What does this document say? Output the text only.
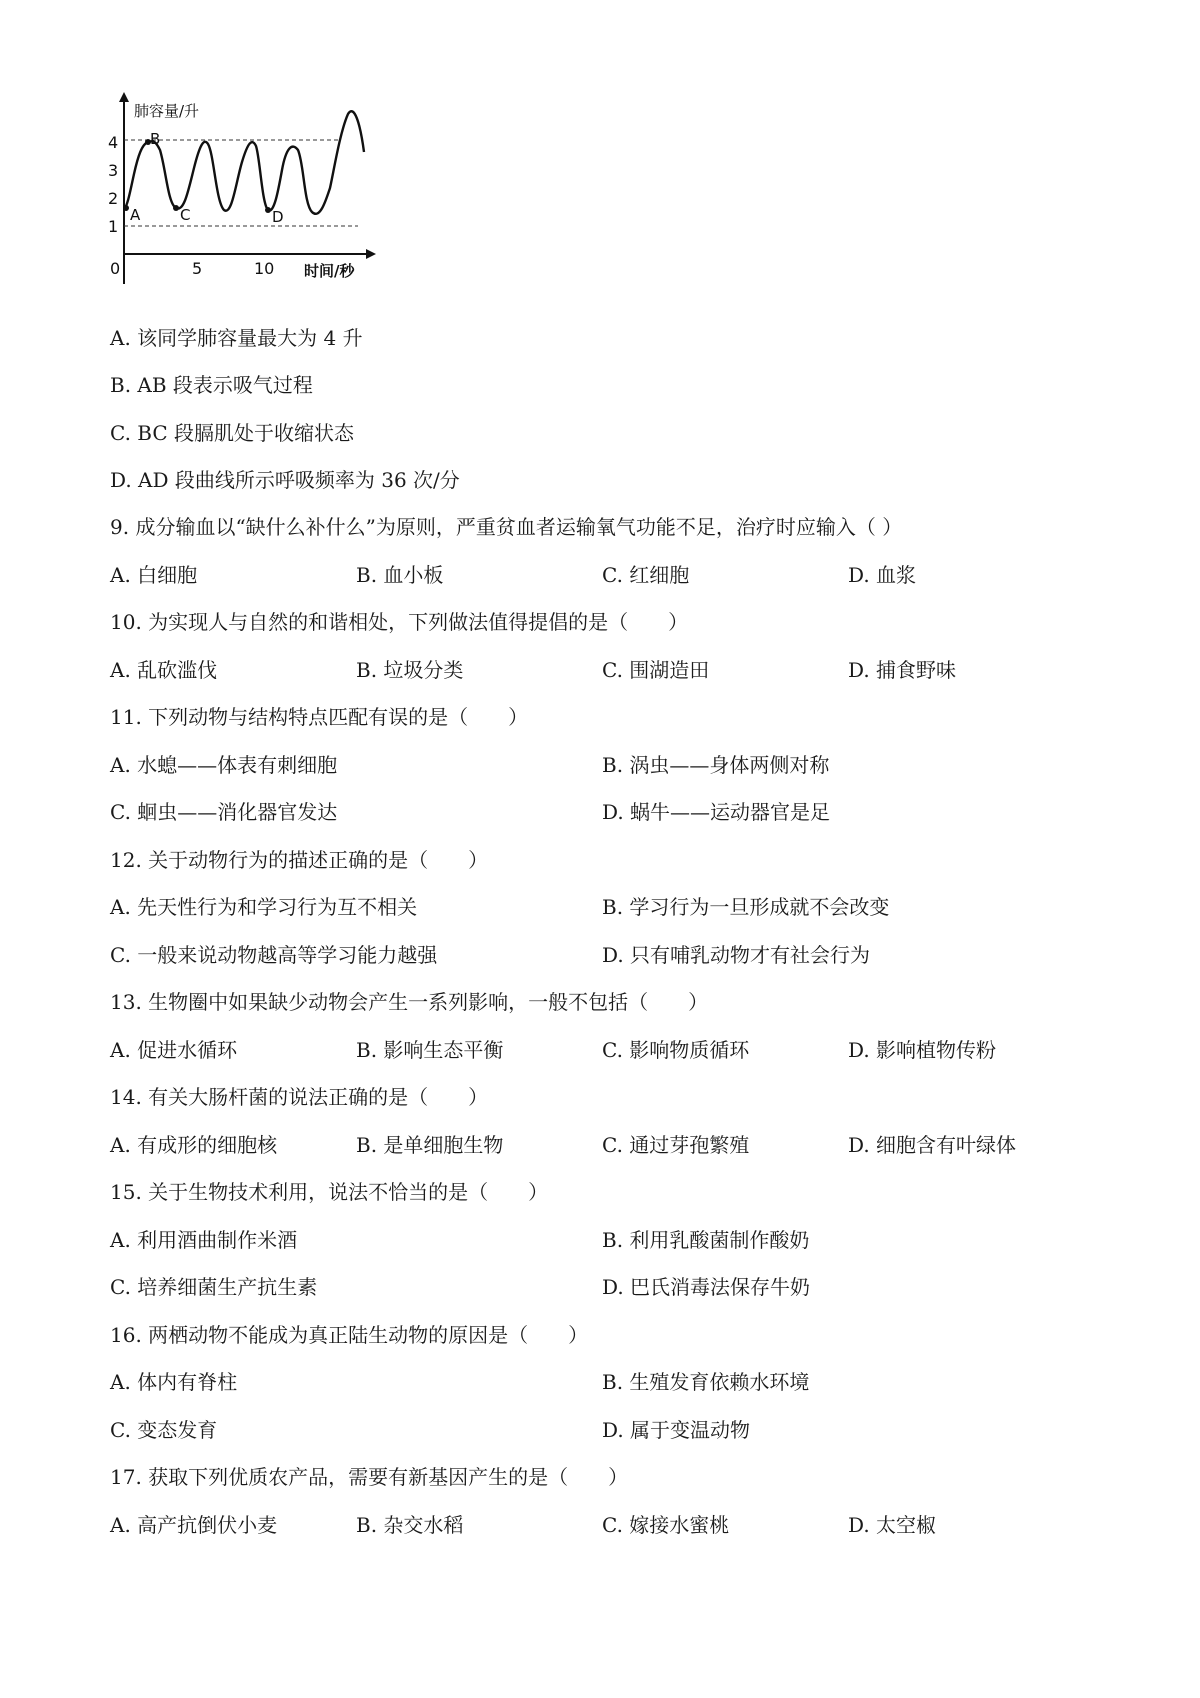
肺容量/升
时间/秒
1
2
3
4
0	5	10
A
B
C	D
A. 该同学肺容量最大为 4 升
B. AB 段表示吸气过程
C. BC 段膈肌处于收缩状态
D. AD 段曲线所示呼吸频率为 36 次/分
9. 成分输血以“缺什么补什么”为原则，严重贫血者运输氧气功能不足，治疗时应输入（ ）
A. 白细胞	B. 血小板	C. 红细胞	D. 血浆
10. 为实现人与自然的和谐相处，下列做法值得提倡的是（　　）
A. 乱砍滥伐	B. 垃圾分类	C. 围湖造田	D. 捕食野味
11. 下列动物与结构特点匹配有误的是（　　）
A. 水螅——体表有刺细胞	B. 涡虫——身体两侧对称
C. 蛔虫——消化器官发达	D. 蜗牛——运动器官是足
12. 关于动物行为的描述正确的是（　　）
A. 先天性行为和学习行为互不相关	B. 学习行为一旦形成就不会改变
C. 一般来说动物越高等学习能力越强	D. 只有哺乳动物才有社会行为
13. 生物圈中如果缺少动物会产生一系列影响，一般不包括（　　）
A. 促进水循环	B. 影响生态平衡	C. 影响物质循环	D. 影响植物传粉
14. 有关大肠杆菌的说法正确的是（　　）
A. 有成形的细胞核	B. 是单细胞生物	C. 通过芽孢繁殖	D. 细胞含有叶绿体
15. 关于生物技术利用，说法不恰当的是（　　）
A. 利用酒曲制作米酒	B. 利用乳酸菌制作酸奶
C. 培养细菌生产抗生素	D. 巴氏消毒法保存牛奶
16. 两栖动物不能成为真正陆生动物的原因是（　　）
A. 体内有脊柱	B. 生殖发育依赖水环境
C. 变态发育	D. 属于变温动物
17. 获取下列优质农产品，需要有新基因产生的是（　　）
A. 高产抗倒伏小麦	B. 杂交水稻	C. 嫁接水蜜桃	D. 太空椒
